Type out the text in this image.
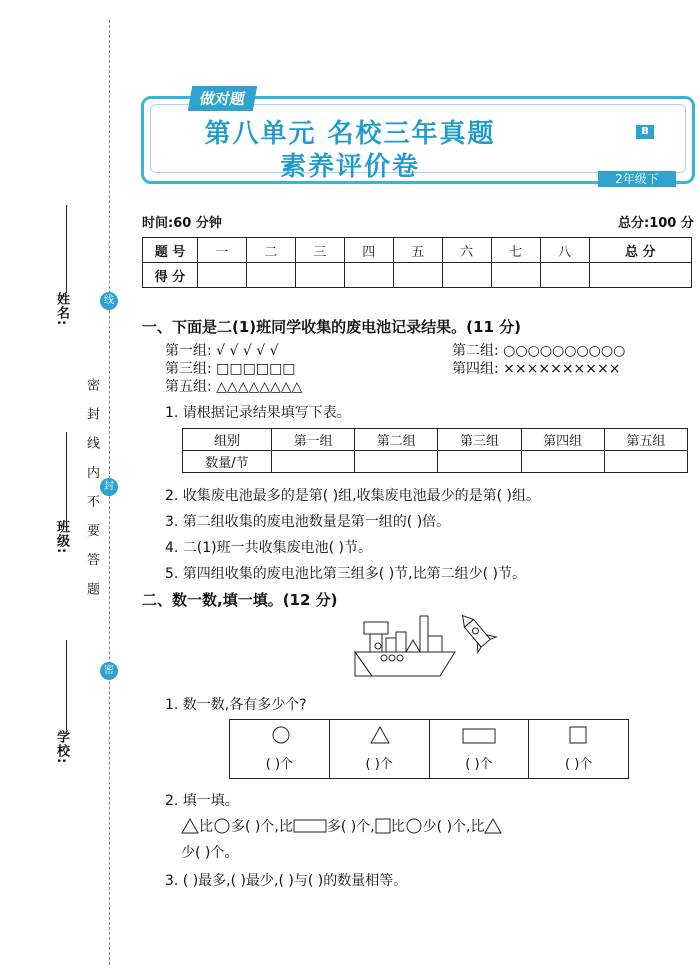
姓名:
班级:
学校:
密 封 线 内 不 要 答 题
线
封
密
做对题
第八单元 名校三年真题
素养评价卷
B
2年级下
时间:60 分钟	总分:100 分
题 号	一	二	三	四	五	六	七	八	总 分
得 分									
一、下面是二(1)班同学收集的废电池记录结果。(11 分)
第一组: √ √ √ √ √	第二组: ○○○○○○○○○○
第三组: □□□□□□	第四组: ××××××××××
第五组: △△△△△△△△
1. 请根据记录结果填写下表。
组别	第一组	第二组	第三组	第四组	第五组
数量/节					
2. 收集废电池最多的是第( )组,收集废电池最少的是第( )组。
3. 第二组收集的废电池数量是第一组的( )倍。
4. 二(1)班一共收集废电池( )节。
5. 第四组收集的废电池比第三组多( )节,比第二组少( )节。
二、数一数,填一填。(12 分)
1. 数一数,各有多少个?
( )个	( )个	( )个	( )个
2. 填一填。
比 多( )个,比 多( )个, 比 少( )个,比
少( )个。
3. ( )最多,( )最少,( )与( )的数量相等。
